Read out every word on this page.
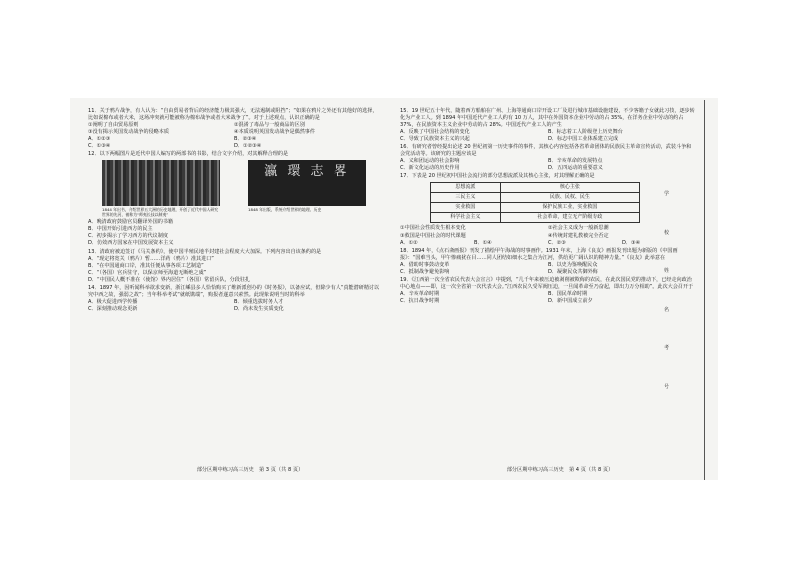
11．关于鸦片战争，有人认为：“自由贸易者背后的经济能力极其强大，无法遏制或阻挡”；“如果在鸦片之外还有其他好的选择，比如说棉布或者大米，这场冲突就可能被称为棉布战争或者大米战争了”。对于上述观点，认识正确的是
①阐明了自由贸易原则	②混淆了毒品与一般商品的区别
③没有揭示英国发动战争的侵略本质	④本质说明英国发动战争是偶然事件
A．①②③	B．②③④
C．①③④	D．①②③④
12．以下两幅图片是近代中国人编写的两部书的书影，结合文字介绍，对其解释合理的是
1844 年出书，介绍世界五大洲的历史地理，开创了近代中国人研究世界的先河，被称为“师夷长技以制夷”
瀛 環 志 畧
1848 年出版，系统介绍世界的地理、历史
A．晚清政府鼓励官员翻译外国的书籍
B．中国开始引进西方的民主
C．初步揭示了学习西方的代议制度
D．仿效西方国家在中国发展资本主义
13．清政府被迫签订《马关条约》，使中国半殖民地半封建社会程度大大加深。下列内容出自该条约的是
A．“现定将宽关（鸦片）暂……洋药（鸦片）准其进口”
B．“在中国通商口岸，准其任便从事各项工艺制造”
C．“（各国）官兵驻守，以保京师至海道无断绝之虞”
D．“中国民人概不准在（使馆）界内居住”（各国）常留兵队，分段驻扎
14．1897 年，因听闻科举欲求变新，浙江嵊县多人恰恰购买了维新派创办的《时务报》，以备应试，但除少有人“真能潜研精讨以究中西之故，强弱之故”；当年科举考试“就纸镌端”，购报者遂意兴索然。此现象说明当时的科举
A．极大促进西学传播	B．倾重选拔时务人才
C．深刻推动观念更新	D．尚未发生实质变化
15．19 世纪五十年代，随着西方船舶在广州、上海等通商口岸开设工厂及进行城市基础设施建设，不少客籍子女就此习技，逐步转化为产业工人。到 1894 年中国近代产业工人约有 10 万人，其中在外国资本企业中劳动的占 35%，在洋务企业中劳动的约占 37%，在民族资本主义企业中劳动的占 28%。中国近代产业工人的产生
A．反映了中国社会结构的变化	B．标志着工人阶级登上历史舞台
C．导致了民族资本主义的兴起	D．标志中国工业体系建立完成
16．有研究者曾经提出论述 20 世纪初第一历史事件的事件，其核心内容包括各省革命团体的民族民主革命宣传活动，武装斗争和会党活动等。该研究的主题应该是
A．义和团运动的社会影响	B．辛亥革命的发展特点
C．新文化运动的历史作用	D．五四运动的重要意义
17．下表是 20 世纪初中国社会流行的部分思想流派及其核心主张，对其理解正确的是
思想流派	核心主张
三民主义	民族、民权、民生
实业救国	保护民族工业，实业救国
科学社会主义	社会革命，建立无产阶级专政
①中国社会性质发生根本变化	②社会主义成为一般新思潮
③救国是中国社会的时代课题	④传统封建礼教被完全否定
A．①②	B．①④	C．②③	D．③④
18．1894 年，《点石斋画报》刊发了描绘甲午海战的时事画作。1931 年末，上海《良友》画报发刊出题为新版的《中国画报》：“国难当头，甲午惨痛犹在目……同人团结如细水之集合为江河，供给更广阔认识的精神力量。”《良友》此举意在
A．借助时事鼓动变革	B．以史为鉴唤醒民众
C．抵制战争避免影响	D．凝聚民众共御外侮
19．《江西第一次全省农民代表大会宣言》中提到，“几千年来被压迫被剥削被欺侮的农民，在此次国民党的推动下，已经走向政治中心地点——即，这一次全省第一次代表大会。”江西农民久受军阀压迫，一旦闻革命至乃奋起，即出力万分相助”。此次大会召开于
A．辛亥革命时期	B．国民革命时期
C．抗日战争时期	D．新中国成立前夕
部分区期中练习高三历史　第 3 页（共 8 页）	部分区期中练习高三历史　第 4 页（共 8 页）
学
校
姓
名
考
号
